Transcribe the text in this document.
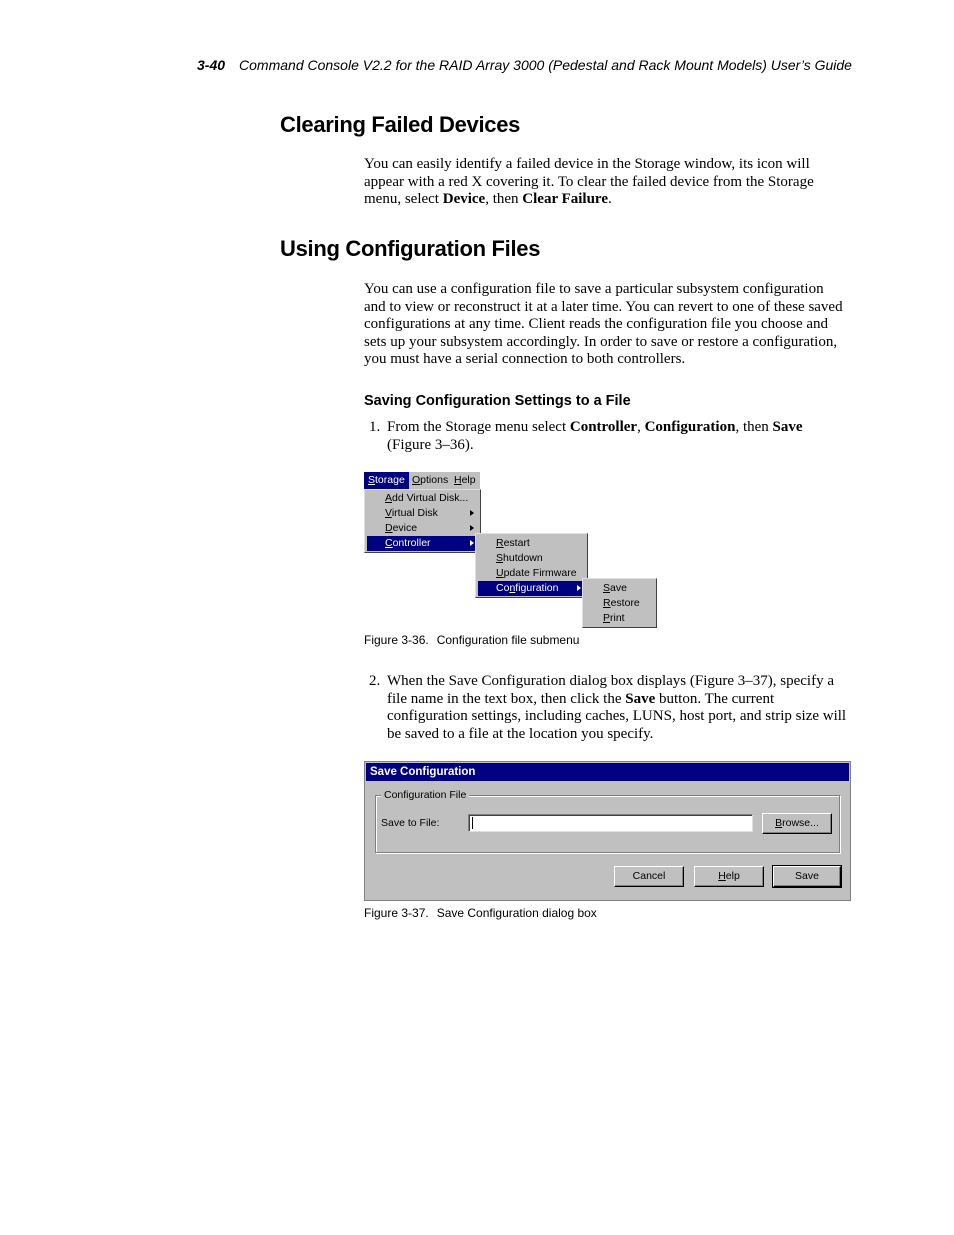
3-40 Command Console V2.2 for the RAID Array 3000 (Pedestal and Rack Mount Models) User’s Guide
Clearing Failed Devices
You can easily identify a failed device in the Storage window, its icon will appear with a red X covering it. To clear the failed device from the Storage menu, select Device, then Clear Failure.
Using Configuration Files
You can use a configuration file to save a particular subsystem configuration and to view or reconstruct it at a later time. You can revert to one of these saved configurations at any time. Client reads the configuration file you choose and sets up your subsystem accordingly. In order to save or restore a configuration, you must have a serial connection to both controllers.
Saving Configuration Settings to a File
1. From the Storage menu select Controller, Configuration, then Save (Figure 3–36).
Storage Options Help
Add Virtual Disk...
Virtual Disk
Device
Controller	Restart
Shutdown
Update Firmware
Configuration	Save
Restore
Print
Figure 3-36. Configuration file submenu
2. When the Save Configuration dialog box displays (Figure 3–37), specify a file name in the text box, then click the Save button. The current configuration settings, including caches, LUNS, host port, and strip size will be saved to a file at the location you specify.
Save Configuration
Configuration File
Save to File:	Browse...
Cancel	Help	Save
Figure 3-37. Save Configuration dialog box
